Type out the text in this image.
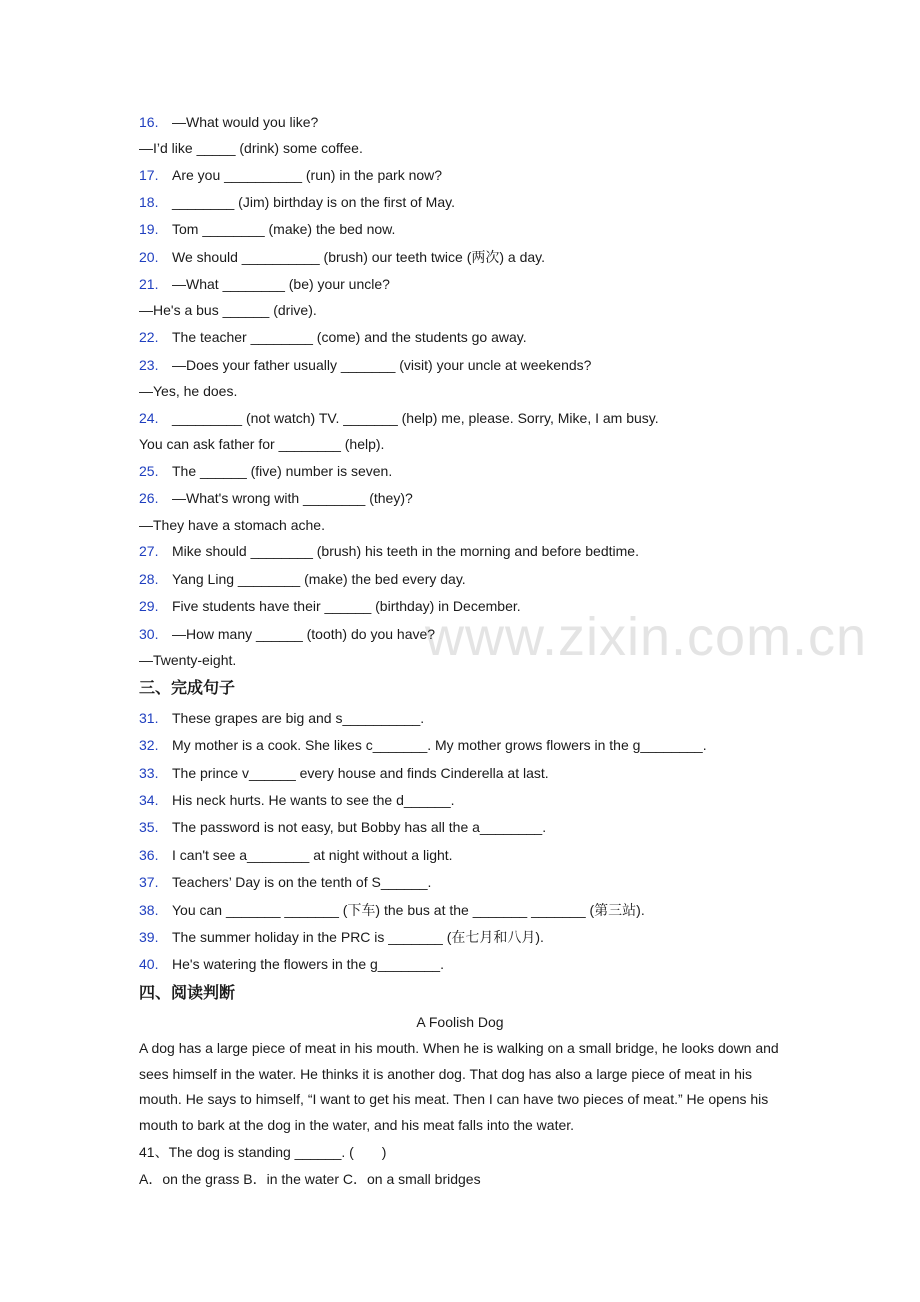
www.zixin.com.cn
16. —What would you like?
—I’d like _____ (drink) some coffee.
17. Are you __________ (run) in the park now?
18. ________ (Jim) birthday is on the first of May.
19. Tom ________ (make) the bed now.
20. We should __________ (brush) our teeth twice (两次) a day.
21. —What ________ (be) your uncle?
—He's a bus ______ (drive).
22. The teacher ________ (come) and the students go away.
23. —Does your father usually _______ (visit) your uncle at weekends?
—Yes, he does.
24. _________ (not watch) TV. _______ (help) me, please. Sorry, Mike, I am busy.
You can ask father for ________ (help).
25. The ______ (five) number is seven.
26. —What's wrong with ________ (they)?
—They have a stomach ache.
27. Mike should ________ (brush) his teeth in the morning and before bedtime.
28. Yang Ling ________ (make) the bed every day.
29. Five students have their ______ (birthday) in December.
30. —How many ______ (tooth) do you have?
—Twenty-eight.
三、完成句子
31. These grapes are big and s__________.
32. My mother is a cook. She likes c_______. My mother grows flowers in the g________.
33. The prince v______ every house and finds Cinderella at last.
34. His neck hurts. He wants to see the d______.
35. The password is not easy, but Bobby has all the a________.
36. I can't see a________ at night without a light.
37. Teachers’ Day is on the tenth of S______.
38. You can _______ _______ (下车) the bus at the _______ _______ (第三站).
39. The summer holiday in the PRC is _______ (在七月和八月).
40. He's watering the flowers in the g________.
四、阅读判断
A Foolish Dog
A dog has a large piece of meat in his mouth. When he is walking on a small bridge, he looks down and sees himself in the water. He thinks it is another dog. That dog has also a large piece of meat in his mouth. He says to himself, “I want to get his meat. Then I can have two pieces of meat.” He opens his mouth to bark at the dog in the water, and his meat falls into the water.
41、The dog is standing ______. (　　)
A．on the grass B．in the water C．on a small bridges
